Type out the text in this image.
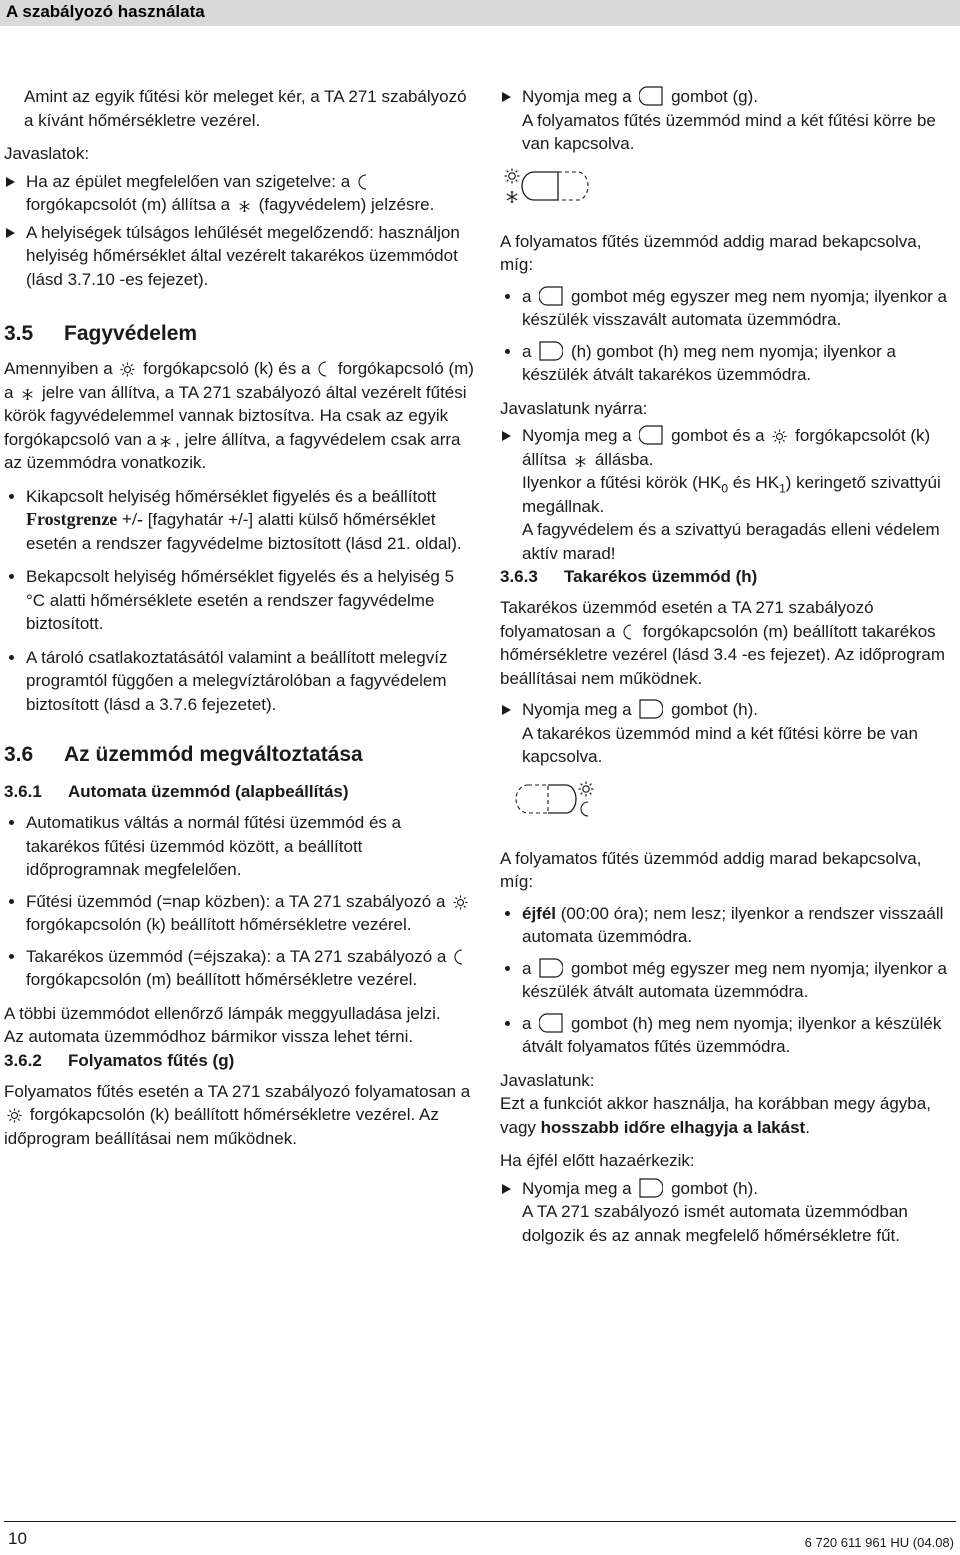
A szabályozó használata

Amint az egyik fűtési kör meleget kér, a TA 271 szabályozó a kívánt hőmérsékletre vezérel.

Javaslatok:

Ha az épület megfelelően van szigetelve: a  forgókapcsolót (m) állítsa a (fagyvédelem) jelzésre.
A helyiségek túlságos lehűlését megelőzendő: használjon helyiség hőmérséklet által vezérelt takarékos üzemmódot (lásd 3.7.10 -es fejezet).
3.5 Fagyvédelem

Amennyiben a forgókapcsoló (k) és a forgókapcsoló (m) a jelre van állítva, a TA 271 szabályozó által vezérelt fűtési körök fagyvédelemmel vannak biztosítva. Ha csak az egyik forgókapcsoló van a , jelre állítva, a fagyvédelem csak arra az üzemmódra vonatkozik.

Kikapcsolt helyiség hőmérséklet figyelés és a beállított Frostgrenze +/- [fagyhatár +/-] alatti külső hőmérséklet esetén a rendszer fagyvédelme biztosított (lásd 21. oldal).
Bekapcsolt helyiség hőmérséklet figyelés és a helyiség 5 °C alatti hőmérséklete esetén a rendszer fagyvédelme biztosított.
A tároló csatlakoztatásától valamint a beállított melegvíz programtól függően a melegvíztárolóban a fagyvédelem biztosított (lásd a 3.7.6 fejezetet).
3.6 Az üzemmód megváltoztatása
3.6.1 Automata üzemmód (alapbeállítás)
Automatikus váltás a normál fűtési üzemmód és a takarékos fűtési üzemmód között, a beállított időprogramnak megfelelően.
Fűtési üzemmód (=nap közben): a TA 271 szabályozó a  forgókapcsolón (k) beállított hőmérsékletre vezérel.
Takarékos üzemmód (=éjszaka): a TA 271 szabályozó a  forgókapcsolón (m) beállított hőmérsékletre vezérel.

A többi üzemmódot ellenőrző lámpák meggyulladása jelzi.

Az automata üzemmódhoz bármikor vissza lehet térni.

3.6.2 Folyamatos fűtés (g)

Folyamatos fűtés esetén a TA 271 szabályozó folyamatosan a  forgókapcsolón (k) beállított hőmérsékletre vezérel. Az időprogram beállításai nem működnek.

Nyomja meg a gombot (g).
A folyamatos fűtés üzemmód mind a két fűtési körre be van kapcsolva.

A folyamatos fűtés üzemmód addig marad bekapcsolva, míg:

a gombot még egyszer meg nem nyomja; ilyenkor a készülék visszavált automata üzemmódra.
a (h) gombot (h) meg nem nyomja; ilyenkor a készülék átvált takarékos üzemmódra.

Javaslatunk nyárra:

Nyomja meg a gombot és a forgókapcsolót (k) állítsa állásba.
Ilyenkor a fűtési körök ($HK_0$ és $HK_1$) keringető szivattyúi megállnak.
A fagyvédelem és a szivattyú beragadás elleni védelem aktív marad!
3.6.3 Takarékos üzemmód (h)

Takarékos üzemmód esetén a TA 271 szabályozó folyamatosan a forgókapcsolón (m) beállított takarékos hőmérsékletre vezérel (lásd 3.4 -es fejezet). Az időprogram beállításai nem működnek.

Nyomja meg a gombot (h).
A takarékos üzemmód mind a két fűtési körre be van kapcsolva.

A folyamatos fűtés üzemmód addig marad bekapcsolva, míg:

éjfél (00:00 óra); nem lesz; ilyenkor a rendszer visszaáll automata üzemmódra.
a gombot még egyszer meg nem nyomja; ilyenkor a készülék átvált automata üzemmódra.
a gombot (h) meg nem nyomja; ilyenkor a készülék átvált folyamatos fűtés üzemmódra.

Javaslatunk:

Ezt a funkciót akkor használja, ha korábban megy ágyba, vagy hosszabb időre elhagyja a lakást.

Ha éjfél előtt hazaérkezik:

Nyomja meg a gombot (h).
A TA 271 szabályozó ismét automata üzemmódban dolgozik és az annak megfelelő hőmérsékletre fűt.
10	6 720 611 961 HU (04.08)
